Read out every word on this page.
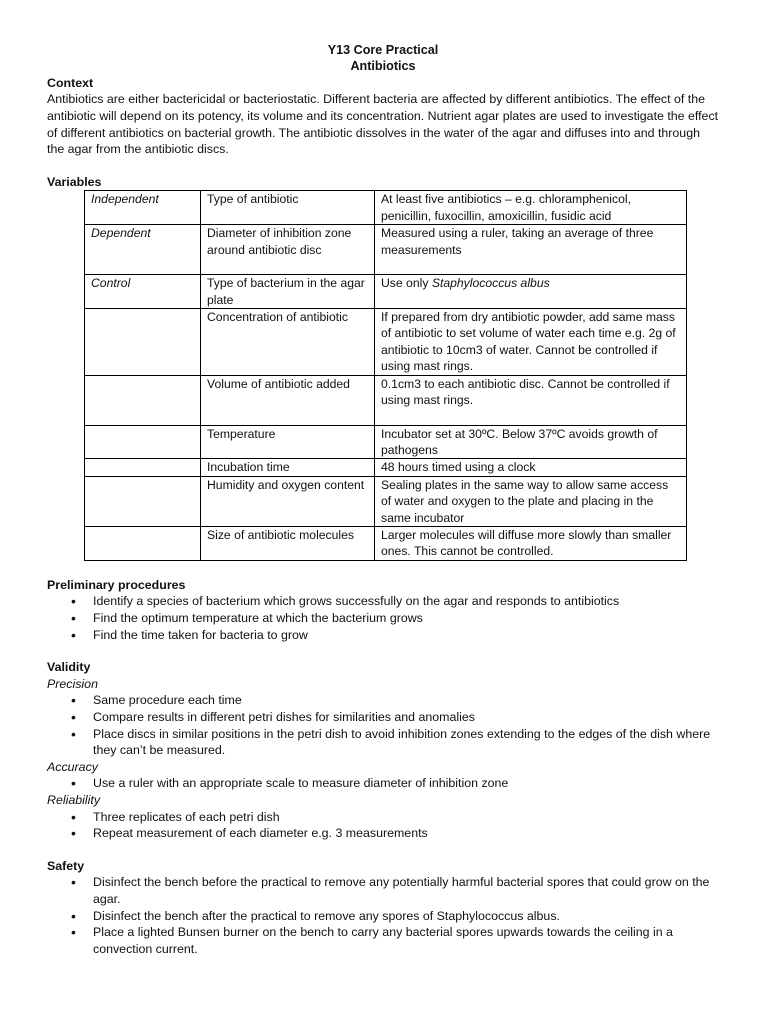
Y13 Core Practical

Antibiotics

Context

Antibiotics are either bactericidal or bacteriostatic. Different bacteria are affected by different antibiotics. The effect of the antibiotic will depend on its potency, its volume and its concentration. Nutrient agar plates are used to investigate the effect of different antibiotics on bacterial growth. The antibiotic dissolves in the water of the agar and diffuses into and through the agar from the antibiotic discs.

Variables

Independent	Type of antibiotic	At least five antibiotics – e.g. chloramphenicol, penicillin, fuxocillin, amoxicillin, fusidic acid
Dependent	Diameter of inhibition zone around antibiotic disc	Measured using a ruler, taking an average of three measurements
Control	Type of bacterium in the agar plate	Use only Staphylococcus albus
	Concentration of antibiotic	If prepared from dry antibiotic powder, add same mass of antibiotic to set volume of water each time e.g. 2g of antibiotic to 10cm3 of water. Cannot be controlled if using mast rings.
	Volume of antibiotic added	0.1cm3 to each antibiotic disc. Cannot be controlled if using mast rings.
	Temperature	Incubator set at 30ºC. Below 37ºC avoids growth of pathogens
	Incubation time	48 hours timed using a clock
	Humidity and oxygen content	Sealing plates in the same way to allow same access of water and oxygen to the plate and placing in the same incubator
	Size of antibiotic molecules	Larger molecules will diffuse more slowly than smaller ones. This cannot be controlled.

Preliminary procedures

• Identify a species of bacterium which grows successfully on the agar and responds to antibiotics
• Find the optimum temperature at which the bacterium grows
• Find the time taken for bacteria to grow

Validity

Precision

• Same procedure each time
• Compare results in different petri dishes for similarities and anomalies
• Place discs in similar positions in the petri dish to avoid inhibition zones extending to the edges of the dish where they can’t be measured.

Accuracy

• Use a ruler with an appropriate scale to measure diameter of inhibition zone

Reliability

• Three replicates of each petri dish
• Repeat measurement of each diameter e.g. 3 measurements

Safety

• Disinfect the bench before the practical to remove any potentially harmful bacterial spores that could grow on the agar.
• Disinfect the bench after the practical to remove any spores of Staphylococcus albus.
• Place a lighted Bunsen burner on the bench to carry any bacterial spores upwards towards the ceiling in a convection current.
